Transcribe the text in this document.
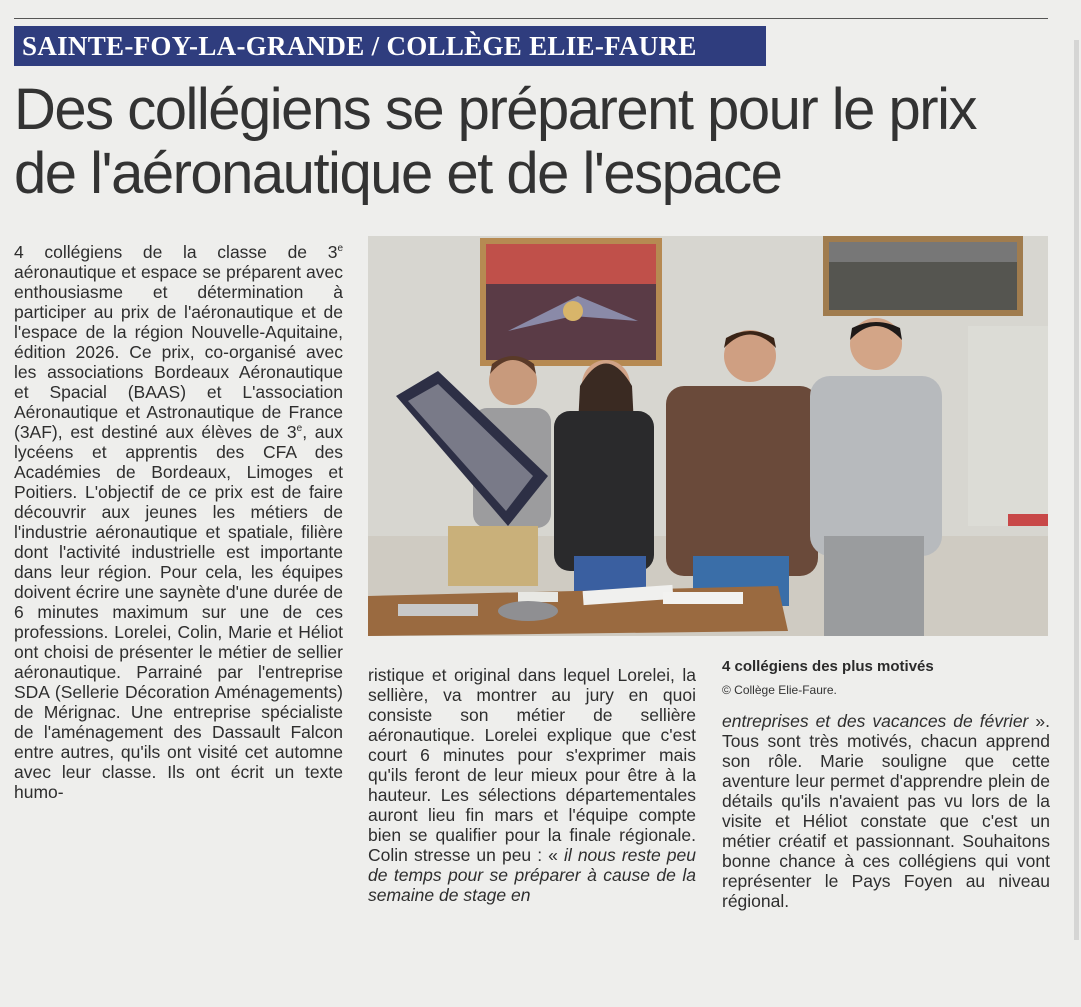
SAINTE-FOY-LA-GRANDE / COLLÈGE ELIE-FAURE
Des collégiens se préparent pour le prix
de l'aéronautique et de l'espace

4 collégiens de la classe de 3e aéronautique et espace se préparent avec enthousiasme et détermination à participer au prix de l'aéronautique et de l'espace de la région Nouvelle-Aquitaine, édition 2026. Ce prix, co-organisé avec les associations Bordeaux Aéronautique et Spacial (BAAS) et L'association Aéronautique et Astronautique de France (3AF), est destiné aux élèves de 3e, aux lycéens et apprentis des CFA des Académies de Bordeaux, Limoges et Poitiers. L'objectif de ce prix est de faire découvrir aux jeunes les métiers de l'industrie aéronautique et spatiale, filière dont l'activité industrielle est importante dans leur région. Pour cela, les équipes doivent écrire une saynète d'une durée de 6 minutes maximum sur une de ces professions. Lorelei, Colin, Marie et Héliot ont choisi de présenter le métier de sellier aéronautique. Parrainé par l'entreprise SDA (Sellerie Décoration Aménagements) de Mérignac. Une entreprise spécialiste de l'aménagement des Dassault Falcon entre autres, qu'ils ont visité cet automne avec leur classe. Ils ont écrit un texte humo-

4 collégiens des plus motivés
© Collège Elie-Faure.

ristique et original dans lequel Lorelei, la sellière, va montrer au jury en quoi consiste son métier de sellière aéronautique. Lorelei explique que c'est court 6 minutes pour s'exprimer mais qu'ils feront de leur mieux pour être à la hauteur. Les sélections départementales auront lieu fin mars et l'équipe compte bien se qualifier pour la finale régionale. Colin stresse un peu : « il nous reste peu de temps pour se préparer à cause de la semaine de stage en

entreprises et des vacances de février ». Tous sont très motivés, chacun apprend son rôle. Marie souligne que cette aventure leur permet d'apprendre plein de détails qu'ils n'avaient pas vu lors de la visite et Héliot constate que c'est un métier créatif et passionnant. Souhaitons bonne chance à ces collégiens qui vont représenter le Pays Foyen au niveau régional.
